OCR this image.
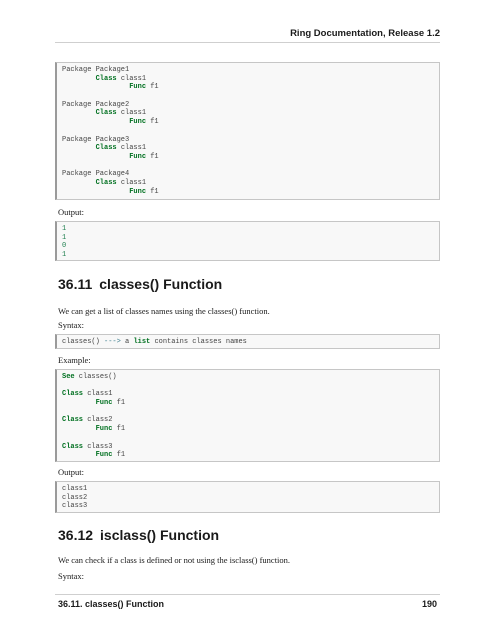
Ring Documentation, Release 1.2
Package Package1
Class class1
Func f1
Package Package2
Class class1
Func f1
Package Package3
Class class1
Func f1
Package Package4
Class class1
Func f1
Output:
1
1
0
1
36.11 classes() Function
We can get a list of classes names using the classes() function.
Syntax:
classes() ---> a list contains classes names
Example:
See classes()
Class class1
Func f1
Class class2
Func f1
Class class3
Func f1
Output:
class1
class2
class3
36.12 isclass() Function
We can check if a class is defined or not using the isclass() function.
Syntax:
36.11. classes() Function	190
